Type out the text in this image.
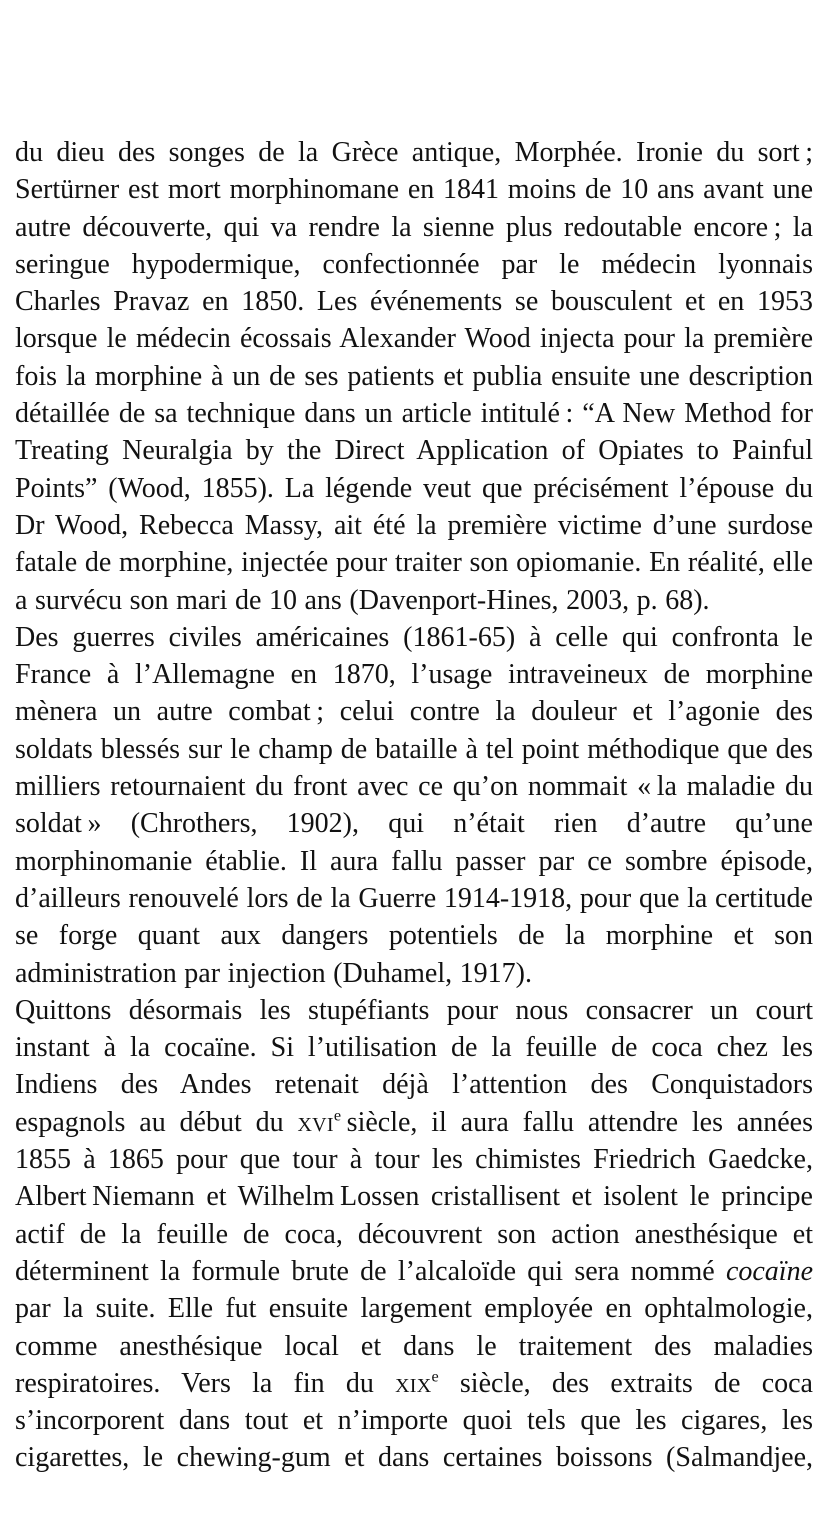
du dieu des songes de la Grèce antique, Morphée. Ironie du sort ; Sertürner est mort morphinomane en 1841 moins de 10 ans avant une autre découverte, qui va rendre la sienne plus redoutable encore ; la seringue hypodermique, confectionnée par le médecin lyonnais Charles Pravaz en 1850. Les événements se bousculent et en 1953 lorsque le médecin écossais Alexander Wood injecta pour la première fois la morphine à un de ses patients et publia ensuite une description détaillée de sa technique dans un article intitulé : “A New Method for Treating Neuralgia by the Direct Application of Opiates to Painful Points” (Wood, 1855). La légende veut que précisément l’épouse du Dr Wood, Rebecca Massy, ait été la première victime d’une surdose fatale de morphine, injectée pour traiter son opiomanie. En réalité, elle a survécu son mari de 10 ans (Davenport-Hines, 2003, p. 68).

Des guerres civiles américaines (1861-65) à celle qui confronta le France à l’Allemagne en 1870, l’usage intraveineux de morphine mènera un autre combat ; celui contre la douleur et l’agonie des soldats blessés sur le champ de bataille à tel point méthodique que des milliers retournaient du front avec ce qu’on nommait « la maladie du soldat » (Chrothers, 1902), qui n’était rien d’autre qu’une morphinomanie établie. Il aura fallu passer par ce sombre épisode, d’ailleurs renouvelé lors de la Guerre 1914-1918, pour que la certitude se forge quant aux dangers potentiels de la morphine et son administration par injection (Duhamel, 1917).

Quittons désormais les stupéfiants pour nous consacrer un court instant à la cocaïne. Si l’utilisation de la feuille de coca chez les Indiens des Andes retenait déjà l’attention des Conquistadors espagnols au début du xvi$^e$ siècle, il aura fallu attendre les années 1855 à 1865 pour que tour à tour les chimistes Friedrich Gaedcke, Albert Niemann et Wilhelm Lossen cristallisent et isolent le principe actif de la feuille de coca, découvrent son action anesthésique et déterminent la formule brute de l’alcaloïde qui sera nommé cocaïne par la suite. Elle fut ensuite largement employée en ophtalmologie, comme anesthésique local et dans le traitement des maladies respiratoires. Vers la fin du xix$^e$ siècle, des extraits de coca s’incorporent dans tout et n’importe quoi tels que les cigares, les cigarettes, le chewing-gum et dans certaines boissons (Salmandjee,
